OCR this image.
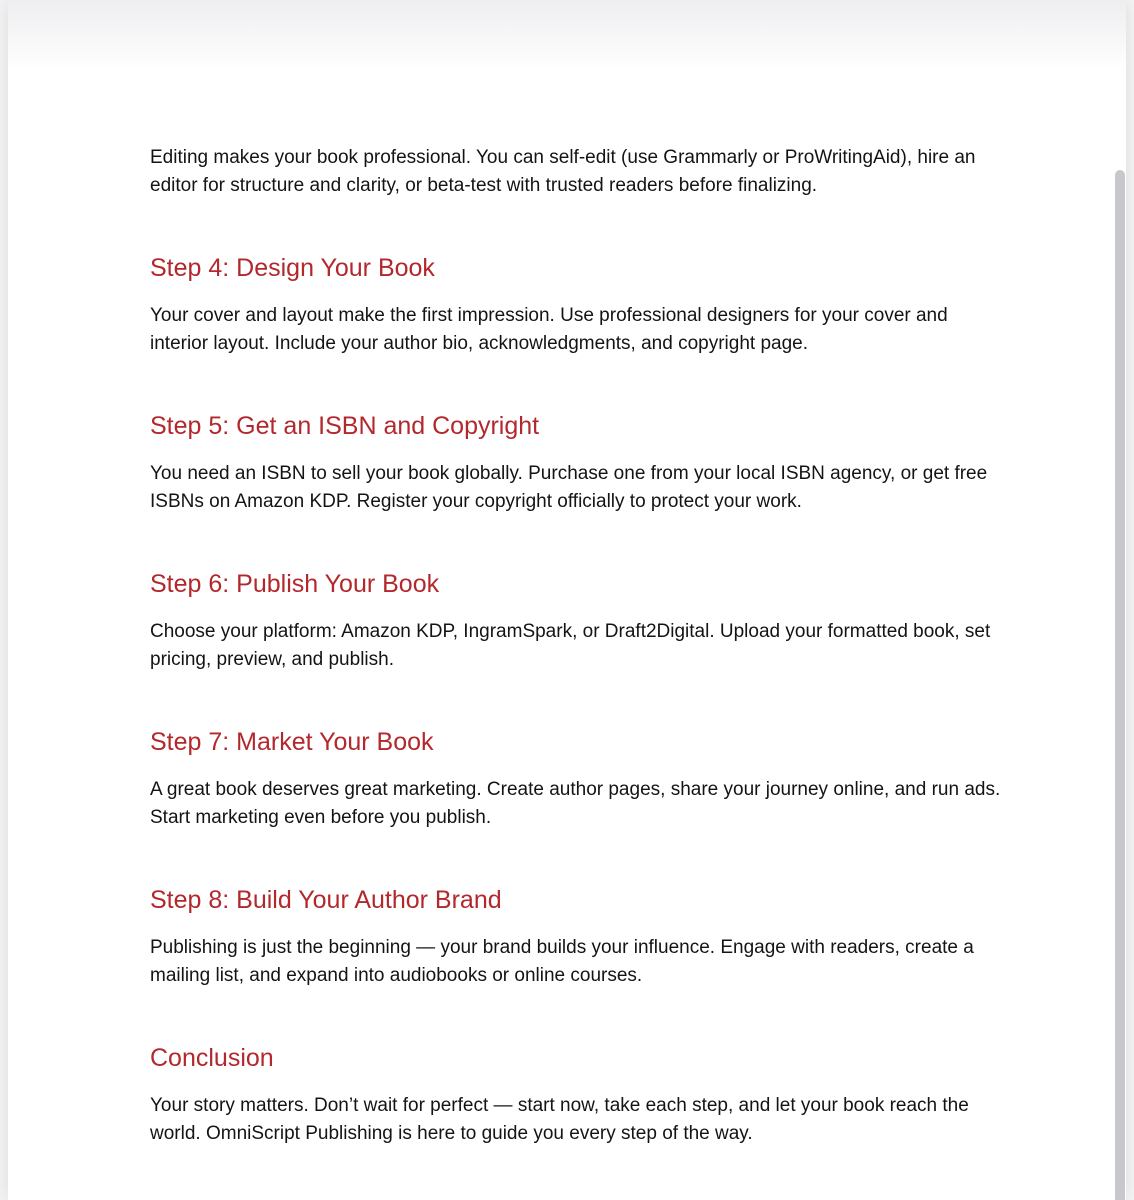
Editing makes your book professional. You can self-edit (use Grammarly or ProWritingAid), hire an editor for structure and clarity, or beta-test with trusted readers before finalizing.

Step 4: Design Your Book

Your cover and layout make the first impression. Use professional designers for your cover and interior layout. Include your author bio, acknowledgments, and copyright page.

Step 5: Get an ISBN and Copyright

You need an ISBN to sell your book globally. Purchase one from your local ISBN agency, or get free ISBNs on Amazon KDP. Register your copyright officially to protect your work.

Step 6: Publish Your Book

Choose your platform: Amazon KDP, IngramSpark, or Draft2Digital. Upload your formatted book, set pricing, preview, and publish.

Step 7: Market Your Book

A great book deserves great marketing. Create author pages, share your journey online, and run ads. Start marketing even before you publish.

Step 8: Build Your Author Brand

Publishing is just the beginning — your brand builds your influence. Engage with readers, create a mailing list, and expand into audiobooks or online courses.

Conclusion

Your story matters. Don’t wait for perfect — start now, take each step, and let your book reach the world. OmniScript Publishing is here to guide you every step of the way.
